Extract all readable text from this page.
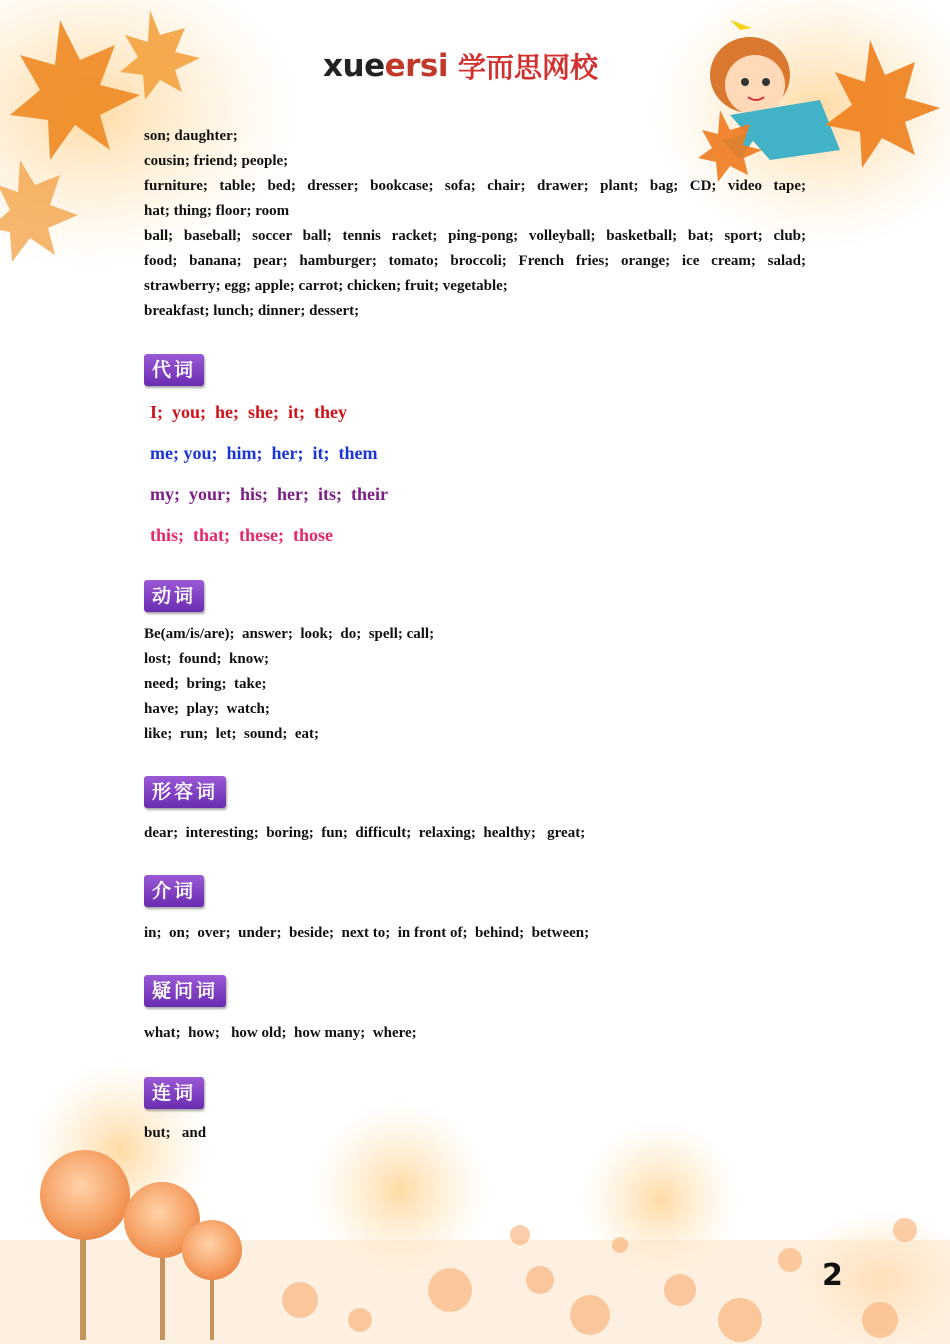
xueersi 学而思网校
son; daughter;
cousin; friend; people;
furniture; table; bed; dresser; bookcase; sofa; chair; drawer; plant; bag; CD; video tape;
hat; thing; floor; room
ball; baseball; soccer ball; tennis racket; ping-pong; volleyball; basketball; bat; sport; club;
food; banana; pear; hamburger; tomato; broccoli; French fries; orange; ice cream; salad;
strawberry; egg; apple; carrot; chicken; fruit; vegetable;
breakfast; lunch; dinner; dessert;
代词
I;  you;  he;  she;  it;  they
me; you;  him;  her;  it;  them
my;  your;  his;  her;  its;  their
this;  that;  these;  those
动词
Be(am/is/are);  answer;  look;  do;  spell; call;
lost;  found;  know;
need;  bring;  take;
have;  play;  watch;
like;  run;  let;  sound;  eat;
形容词
dear;  interesting;  boring;  fun;  difficult;  relaxing;  healthy;   great;
介词
in;  on;  over;  under;  beside;  next to;  in front of;  behind;  between;
疑问词
what;  how;   how old;  how many;  where;
连词
but;   and
2
